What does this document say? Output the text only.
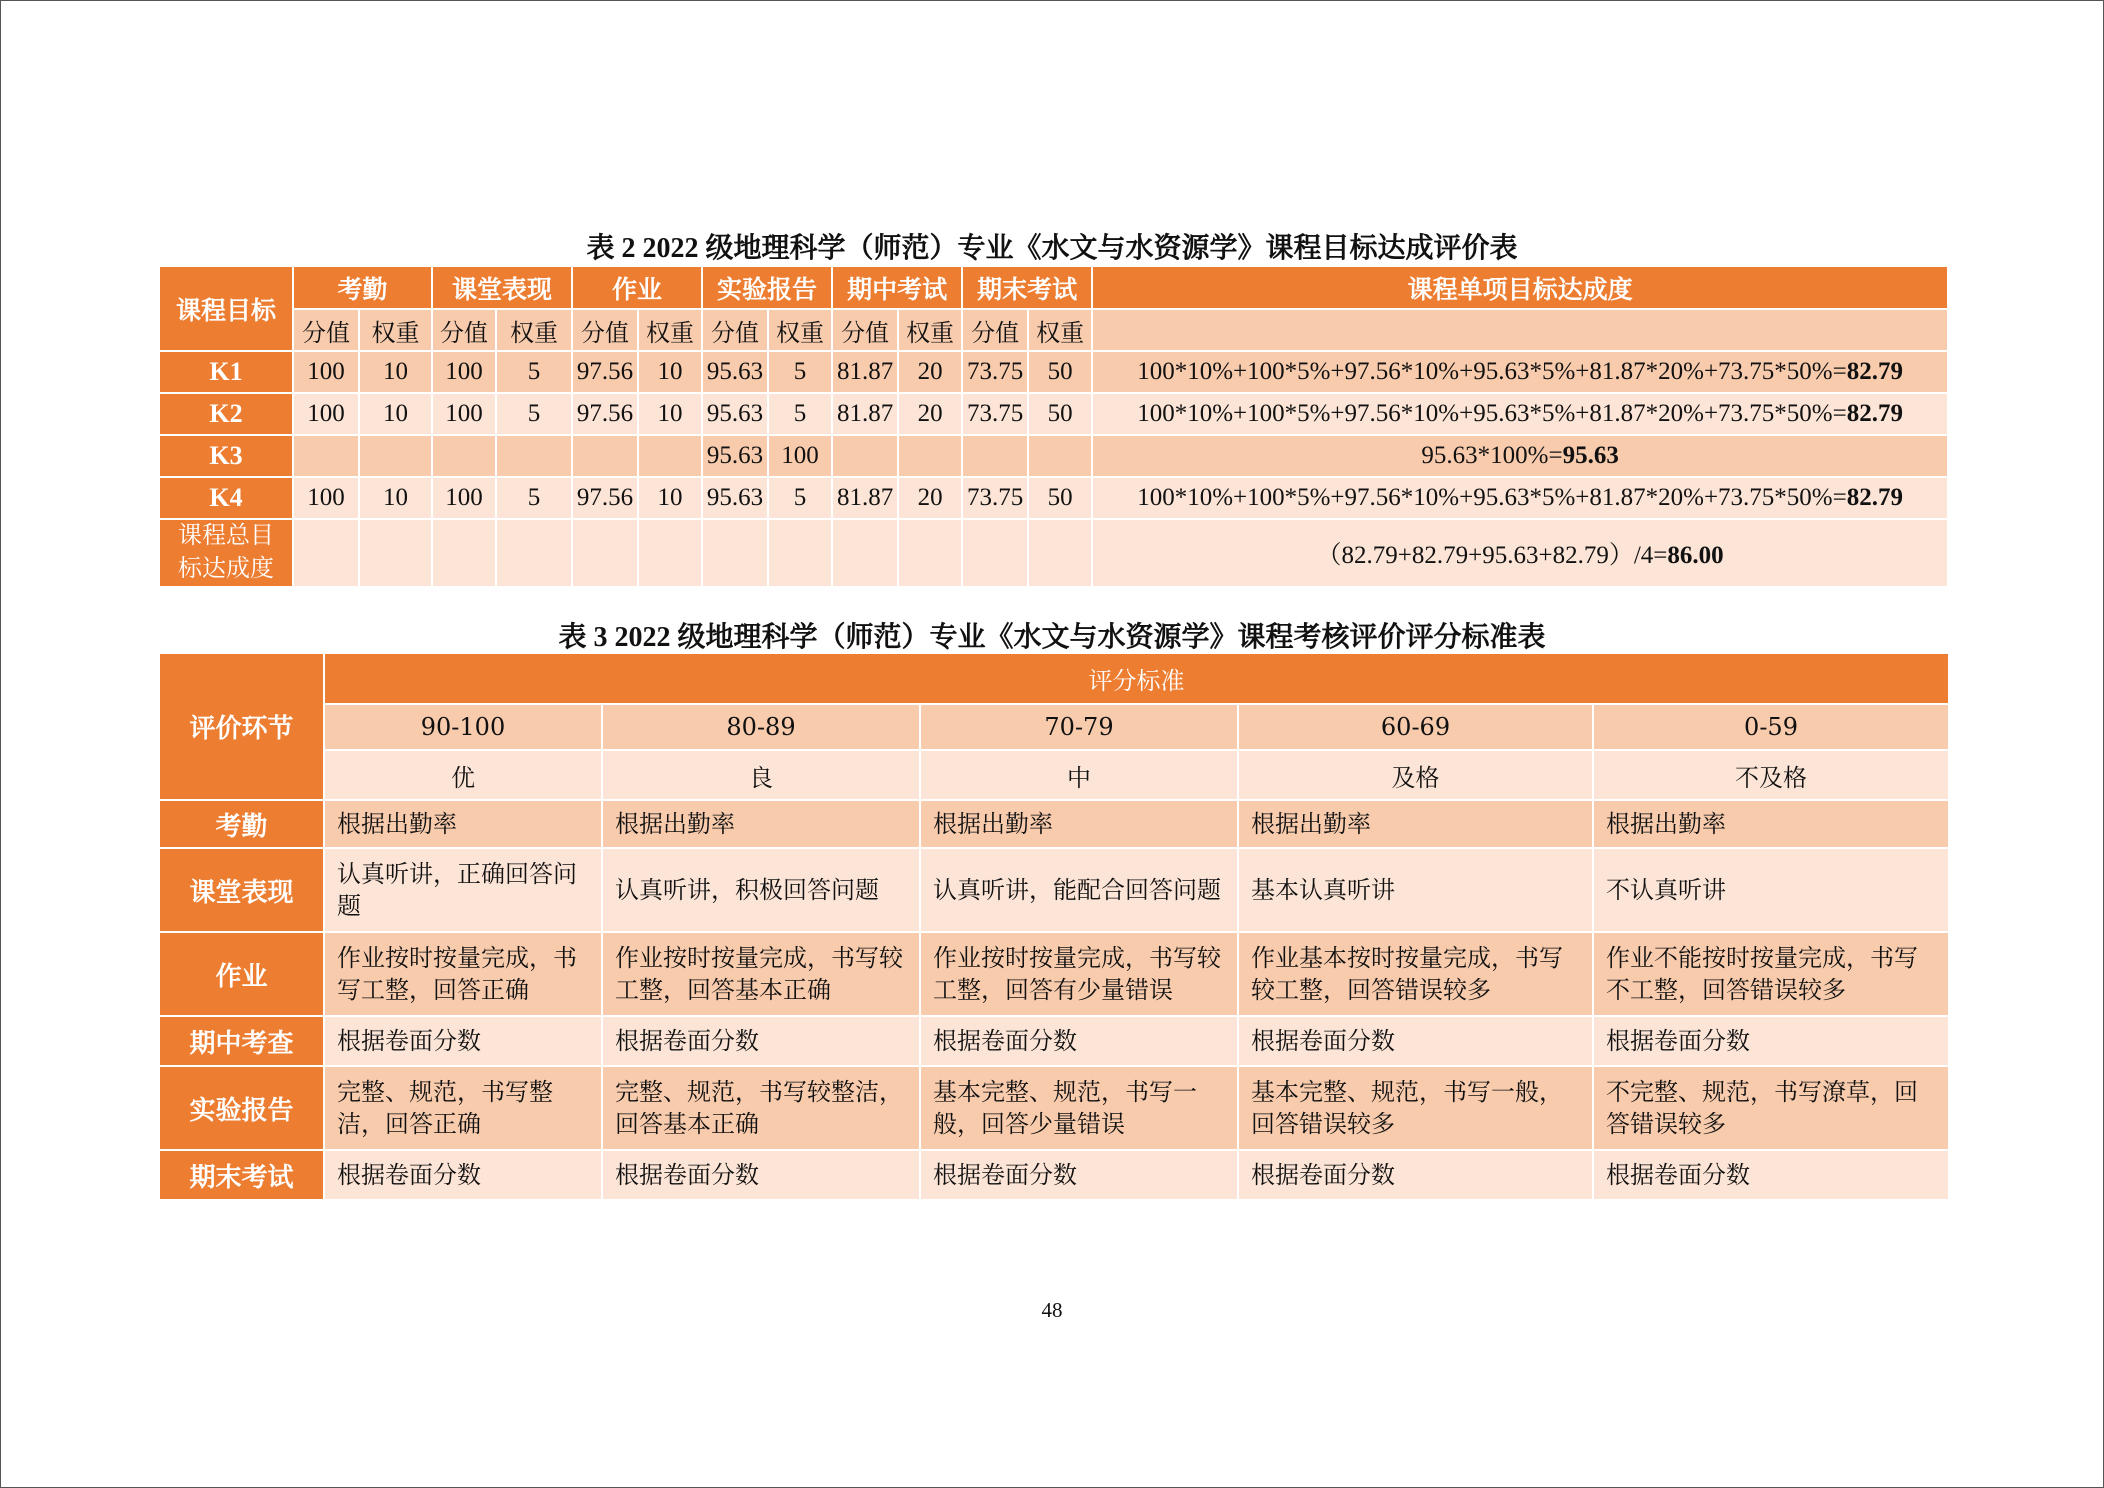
表 2 2022 级地理科学（师范）专业《水文与水资源学》课程目标达成评价表
课程目标	考勤		课堂表现		作业		实验报告		期中考试		期末考试		课程单项目标达成度
	分值	权重	分值	权重	分值	权重	分值	权重	分值	权重	分值	权重	
K1	100	10	100	5	97.56	10	95.63	5	81.87	20	73.75	50	100*10%+100*5%+97.56*10%+95.63*5%+81.87*20%+73.75*50%=82.79
K2	100	10	100	5	97.56	10	95.63	5	81.87	20	73.75	50	100*10%+100*5%+97.56*10%+95.63*5%+81.87*20%+73.75*50%=82.79
K3							95.63	100					95.63*100%=95.63
K4	100	10	100	5	97.56	10	95.63	5	81.87	20	73.75	50	100*10%+100*5%+97.56*10%+95.63*5%+81.87*20%+73.75*50%=82.79

课程总目
标达成度													（82.79+82.79+95.63+82.79）/4=86.00
表 3 2022 级地理科学（师范）专业《水文与水资源学》课程考核评价评分标准表
评价环节	评分标准				
	90-100	80-89	70-79	60-69	0-59
	优	良	中	及格	不及格
考勤	根据出勤率	根据出勤率	根据出勤率	根据出勤率	根据出勤率
课堂表现	认真听讲，正确回答问题	认真听讲，积极回答问题	认真听讲，能配合回答问题	基本认真听讲	不认真听讲
作业	作业按时按量完成，书写工整，回答正确	作业按时按量完成，书写较工整，回答基本正确	作业按时按量完成，书写较工整，回答有少量错误	作业基本按时按量完成，书写较工整，回答错误较多	作业不能按时按量完成，书写不工整，回答错误较多
期中考查	根据卷面分数	根据卷面分数	根据卷面分数	根据卷面分数	根据卷面分数
实验报告	完整、规范，书写整洁，回答正确	完整、规范，书写较整洁，回答基本正确	基本完整、规范，书写一般，回答少量错误	基本完整、规范，书写一般，回答错误较多	不完整、规范，书写潦草，回答错误较多
期末考试	根据卷面分数	根据卷面分数	根据卷面分数	根据卷面分数	根据卷面分数
48
